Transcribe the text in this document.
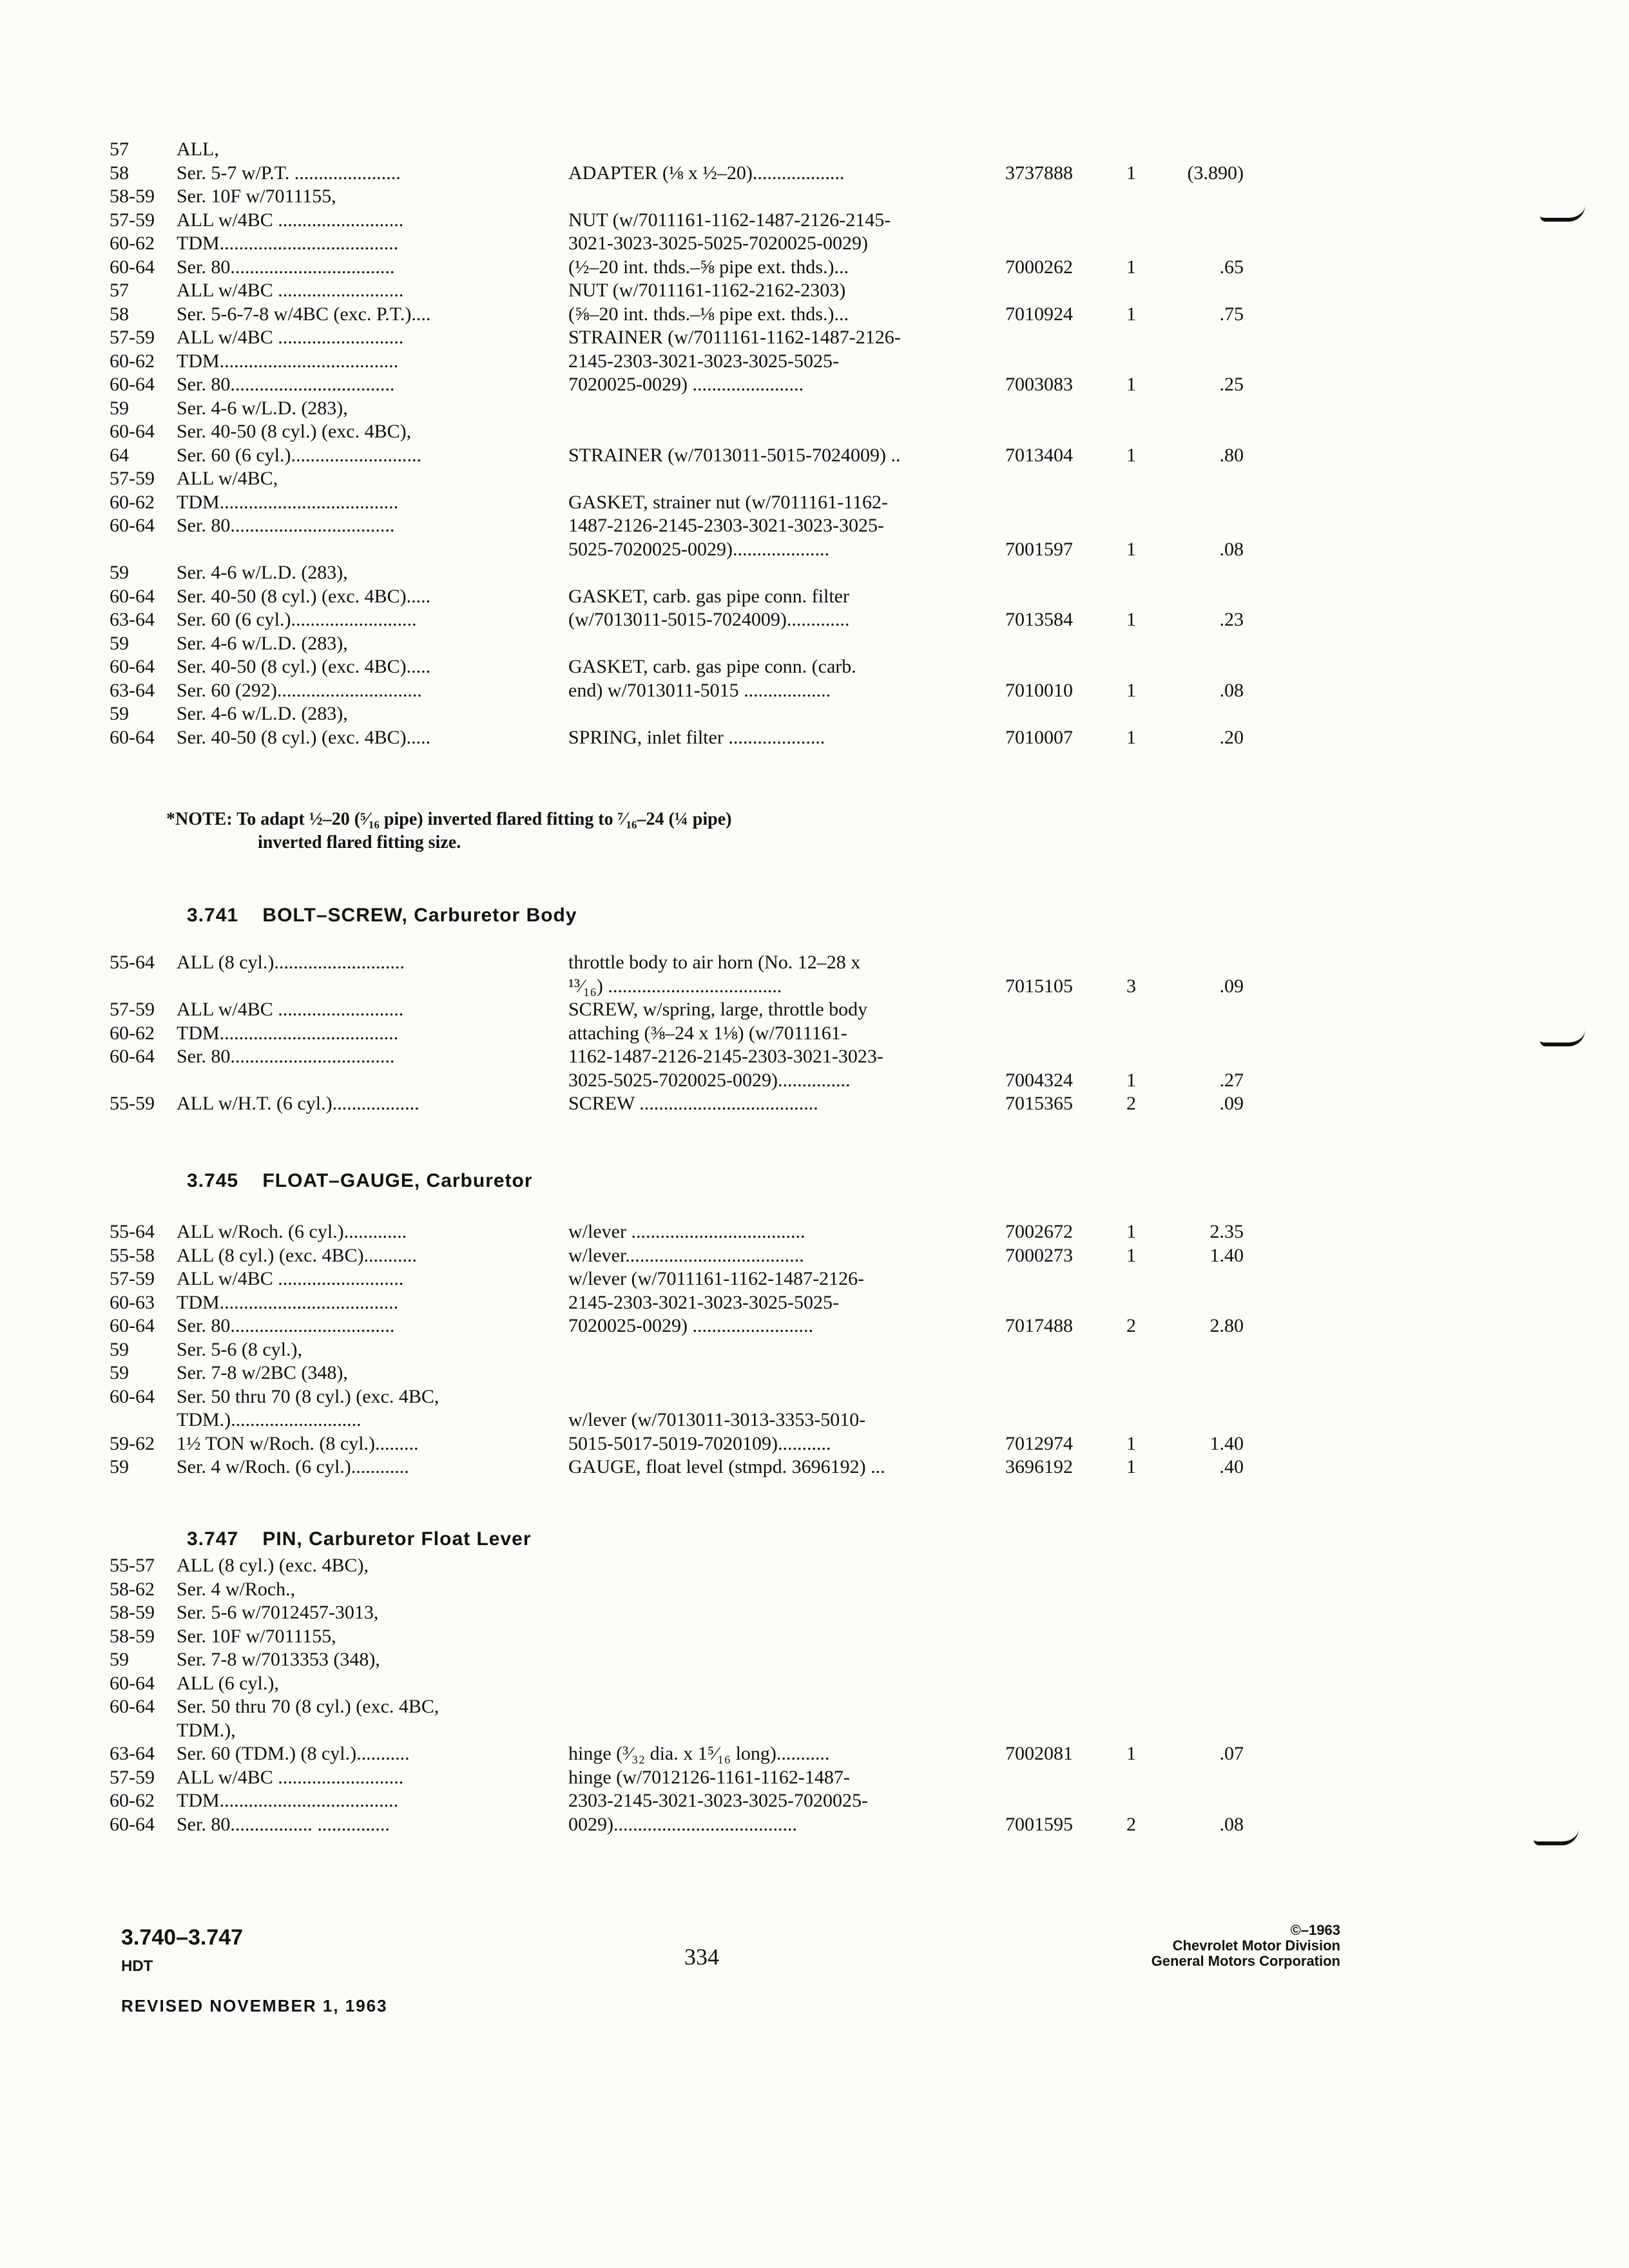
57 ALL,
58 Ser. 5-7 w/P.T. ......................	ADAPTER (⅛ x ½–20)...................	3737888	1	(3.890)
58-59 Ser. 10F w/7011155,
57-59 ALL w/4BC ..........................	NUT (w/7011161-1162-1487-2126-2145-
60-62 TDM.....................................	3021-3023-3025-5025-7020025-0029)
60-64 Ser. 80..................................	(½–20 int. thds.–⅝ pipe ext. thds.)...	7000262	1	.65
57 ALL w/4BC ..........................	NUT (w/7011161-1162-2162-2303)
58 Ser. 5-6-7-8 w/4BC (exc. P.T.)....	(⅝–20 int. thds.–⅛ pipe ext. thds.)...	7010924	1	.75
57-59 ALL w/4BC ..........................	STRAINER (w/7011161-1162-1487-2126-
60-62 TDM.....................................	2145-2303-3021-3023-3025-5025-
60-64 Ser. 80..................................	7020025-0029) .......................	7003083	1	.25
59 Ser. 4-6 w/L.D. (283),
60-64 Ser. 40-50 (8 cyl.) (exc. 4BC),
64 Ser. 60 (6 cyl.)...........................	STRAINER (w/7013011-5015-7024009) ..	7013404	1	.80
57-59 ALL w/4BC,
60-62 TDM.....................................	GASKET, strainer nut (w/7011161-1162-
60-64 Ser. 80..................................	1487-2126-2145-2303-3021-3023-3025-
5025-7020025-0029)....................	7001597	1	.08
59 Ser. 4-6 w/L.D. (283),
60-64 Ser. 40-50 (8 cyl.) (exc. 4BC).....	GASKET, carb. gas pipe conn. filter
63-64 Ser. 60 (6 cyl.)..........................	(w/7013011-5015-7024009).............	7013584	1	.23
59 Ser. 4-6 w/L.D. (283),
60-64 Ser. 40-50 (8 cyl.) (exc. 4BC).....	GASKET, carb. gas pipe conn. (carb.
63-64 Ser. 60 (292)..............................	end) w/7013011-5015 ..................	7010010	1	.08
59 Ser. 4-6 w/L.D. (283),
60-64 Ser. 40-50 (8 cyl.) (exc. 4BC).....	SPRING, inlet filter ....................	7010007	1	.20
*NOTE: To adapt ½–20 (⁵⁄₁₆ pipe) inverted flared fitting to ⁷⁄₁₆–24 (¼ pipe)
inverted flared fitting size.
3.741 BOLT–SCREW, Carburetor Body
55-64 ALL (8 cyl.)...........................	throttle body to air horn (No. 12–28 x
¹³⁄₁₆) ....................................	7015105	3	.09
57-59 ALL w/4BC ..........................	SCREW, w/spring, large, throttle body
60-62 TDM.....................................	attaching (⅜–24 x 1⅛) (w/7011161-
60-64 Ser. 80..................................	1162-1487-2126-2145-2303-3021-3023-
3025-5025-7020025-0029)...............	7004324	1	.27
55-59 ALL w/H.T. (6 cyl.)..................	SCREW .....................................	7015365	2	.09
3.745 FLOAT–GAUGE, Carburetor
55-64 ALL w/Roch. (6 cyl.).............	w/lever ....................................	7002672	1	2.35
55-58 ALL (8 cyl.) (exc. 4BC)...........	w/lever.....................................	7000273	1	1.40
57-59 ALL w/4BC ..........................	w/lever (w/7011161-1162-1487-2126-
60-63 TDM.....................................	2145-2303-3021-3023-3025-5025-
60-64 Ser. 80..................................	7020025-0029) .........................	7017488	2	2.80
59 Ser. 5-6 (8 cyl.),
59 Ser. 7-8 w/2BC (348),
60-64 Ser. 50 thru 70 (8 cyl.) (exc. 4BC,
TDM.)...........................	w/lever (w/7013011-3013-3353-5010-
59-62 1½ TON w/Roch. (8 cyl.).........	5015-5017-5019-7020109)...........	7012974	1	1.40
59 Ser. 4 w/Roch. (6 cyl.)............	GAUGE, float level (stmpd. 3696192) ...	3696192	1	.40
3.747 PIN, Carburetor Float Lever
55-57 ALL (8 cyl.) (exc. 4BC),
58-62 Ser. 4 w/Roch.,
58-59 Ser. 5-6 w/7012457-3013,
58-59 Ser. 10F w/7011155,
59 Ser. 7-8 w/7013353 (348),
60-64 ALL (6 cyl.),
60-64 Ser. 50 thru 70 (8 cyl.) (exc. 4BC,
TDM.),
63-64 Ser. 60 (TDM.) (8 cyl.)...........	hinge (³⁄₃₂ dia. x 1⁵⁄₁₆ long)...........	7002081	1	.07
57-59 ALL w/4BC ..........................	hinge (w/7012126-1161-1162-1487-
60-62 TDM.....................................	2303-2145-3021-3023-3025-7020025-
60-64 Ser. 80................. ...............	0029)......................................	7001595	2	.08
3.740–3.747
HDT
REVISED NOVEMBER 1, 1963
334
©–1963
Chevrolet Motor Division
General Motors Corporation
